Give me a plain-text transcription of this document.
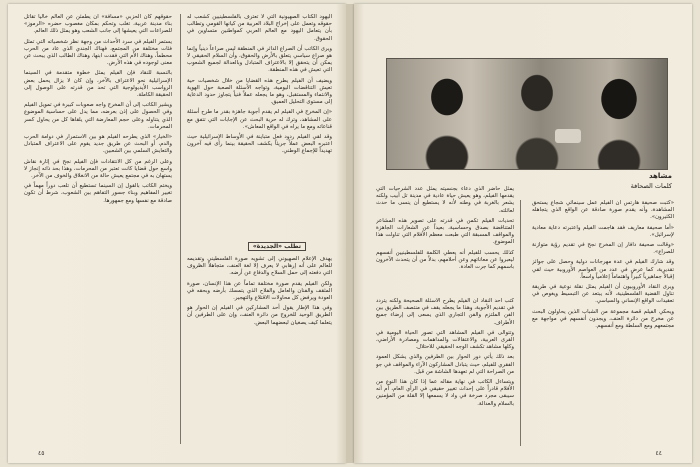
اليهود الكتاب الصهيونية التي لا تعترف بالفلسطينيين كشعب له حقوقه وتعمل على إخراج البلاد العربية من كيانها القومي وتطالب بأن يتعامل اليهود مع العالم العربي كمواطنين متساوين في الحقوق.

ويرى الكاتب أن الصراع الدائر في المنطقة ليس صراعاً دينياً وإنما هو صراع سياسي يتعلق بالأرض والحقوق، وأن السلام الحقيقي لا يمكن أن يتحقق إلا بالاعتراف المتبادل وبالعدالة لجميع الشعوب التي تعيش في هذه المنطقة.

ويضيف أن الفيلم يطرح هذه القضايا من خلال شخصيات حية تعيش التناقضات اليومية، وتواجه الأسئلة الصعبة حول الهوية والانتماء والمستقبل، وهو ما يجعله عملاً فنياً يتجاوز حدود الدعاية إلى مستوى التحليل العميق.

«إن المخرج في الفيلم لم يقدم أجوبة جاهزة بقدر ما طرح أسئلة على المشاهد، وترك له حرية البحث عن الإجابات التي تتفق مع قناعاته ومع ما يراه في الواقع المعاش».

وقد لقي الفيلم ردود فعل متباينة في الأوساط الإسرائيلية حيث اعتبره البعض عملاً جريئاً يكشف الحقيقة بينما رأى فيه آخرون تهديداً للإجماع الوطني.

تطلب «الجديدة»

يهدف الإعلام الصهيوني إلى تشويه صورة الفلسطيني وتقديمه للعالم على أنه إرهابي لا يعرف إلا لغة العنف، متجاهلاً الظروف التي دفعته إلى حمل السلاح والدفاع عن أرضه.

ولكن الفيلم يقدم صورة مختلفة تماماً عن هذا الإنسان، صورة المثقف والفنان والعامل والفلاح الذي يتمسك بأرضه وبحقه في العودة ويرفض كل محاولات الاقتلاع والتهجير.

وفي هذا الإطار يقول أحد المشاركين في الفيلم إن الحوار هو الطريق الوحيد للخروج من دائرة العنف، وإن على الطرفين أن يتعلما كيف يصغيان لبعضهما البعض.

حقوقهم كان الحزبي «مسافة» ان يطمئن عن العالم خالياً تقاتل بناء مدينة عربية، تغلب وتحكم بمكان مغصوب حضره «الرموز» للصراعات التي يعيشها إلى جانب الشعب وهو يمثل ذلك العالم.

يستمر الفيلم في سرد الأحداث من وجهة نظر شخصياته التي تمثل فئات مختلفة من المجتمع، فهناك الجندي الذي عاد من الحرب محطماً، وهناك الأم التي فقدت ابنها، وهناك الطالب الذي يبحث عن معنى لوجوده في هذه الأرض.

بالنسبة للنقاد فإن الفيلم يمثل خطوة متقدمة في السينما الإسرائيلية نحو الاعتراف بالآخر، وإن كان لا يزال يحمل بعض الرواسب الأيديولوجية التي تحد من قدرته على الوصول إلى الحقيقة الكاملة.

ويشير الكاتب إلى أن المخرج واجه صعوبات كبيرة في تمويل الفيلم وفي الحصول على إذن بعرضه، مما يدل على حساسية الموضوع الذي يتناوله وعلى حجم المعارضة التي يلقاها كل من يحاول كسر المحرمات.

«الخيار» الذي يطرحه الفيلم هو بين الاستمرار في دوامة الحرب والدم، أو البحث عن طريق جديد يقوم على الاعتراف المتبادل والتعايش السلمي بين الشعبين.

وعلى الرغم من كل الانتقادات فإن الفيلم نجح في إثارة نقاش واسع حول قضايا كانت تعتبر من المحرمات، وهذا بحد ذاته إنجاز لا يستهان به في مجتمع يعيش حالة من الانغلاق والخوف من الآخر.

ويختم الكاتب بالقول إن السينما تستطيع أن تلعب دوراً مهماً في تغيير المفاهيم وبناء جسور التفاهم بين الشعوب، شرط أن تكون صادقة مع نفسها ومع جمهورها.

٤٥
مشاهد
كلمات الصحافة

يمثل حاضر الذي دعاء بجنسيته يمثل عدد الشرحيات التي يقدمها الفيلم، وهو يعيش حياة عادية في مدينة تل أبيب ولكنه يشعر بالغربة في وطنه لأنه لا يستطيع أن ينسى ما حدث لعائلته.

تحديات الفيلم تكمن في قدرته على تصوير هذه المشاعر المتناقضة بصدق وحساسية، بعيداً عن الشعارات الجاهزة والمواقف المسبقة التي طبعت معظم الأفلام التي تناولت هذا الموضوع.

كذلك يحسب للفيلم أنه يعطي الكلمة للفلسطينيين أنفسهم ليعبروا عن معاناتهم وعن أحلامهم، بدلاً من أن يتحدث الآخرون باسمهم كما جرت العادة.

كتب أحد النقاد أن الفيلم يطرح الأسئلة الصحيحة ولكنه يتردد في تقديم الأجوبة، وهذا ما يجعله يقف في منتصف الطريق بين الفن الملتزم والفن التجاري الذي يسعى إلى إرضاء جميع الأطراف.

وتتوالى في الفيلم المشاهد التي تصور الحياة اليومية في القرى العربية، والاعتقالات والمداهمات ومصادرة الأراضي، وكلها مشاهد تكشف الوجه الحقيقي للاحتلال.

بعد ذلك يأتي دور الحوار بين الطرفين والذي يشكل العمود الفقري للفيلم، حيث يتبادل المشاركون الآراء والمواقف في جو من الصراحة التي لم تعهدها الشاشة من قبل.

ويتساءل الكاتب في نهاية مقاله عما إذا كان هذا النوع من الأفلام قادراً على إحداث تغيير حقيقي في الرأي العام، أم أنه سيبقى مجرد صرخة في واد لا يسمعها إلا القلة من المؤمنين بالسلام والعدالة.

«كتبت صحيفة هآرتس أن الفيلم عمل سينمائي شجاع يستحق المشاهدة، وأنه يقدم صورة صادقة عن الواقع الذي يتجاهله الكثيرون».

«أما صحيفة معاريف فقد هاجمت الفيلم واعتبرته دعاية معادية لإسرائيل».

«وقالت صحيفة دافار إن المخرج نجح في تقديم رؤية متوازنة للصراع».

وقد شارك الفيلم في عدة مهرجانات دولية وحصل على جوائز تقديرية، كما عرض في عدد من العواصم الأوروبية حيث لقي إقبالاً جماهيرياً كبيراً واهتماماً إعلامياً واسعاً.

ويرى النقاد الأوروبيون أن الفيلم يمثل نقلة نوعية في طريقة تناول القضية الفلسطينية، لأنه يبتعد عن التبسيط ويغوص في تعقيدات الواقع الإنساني والسياسي.

ويحكي الفيلم قصة مجموعة من الشباب الذين يحاولون البحث عن مخرج من دائرة العنف، ويجدون أنفسهم في مواجهة مع مجتمعهم ومع السلطة ومع أنفسهم.

٤٤
